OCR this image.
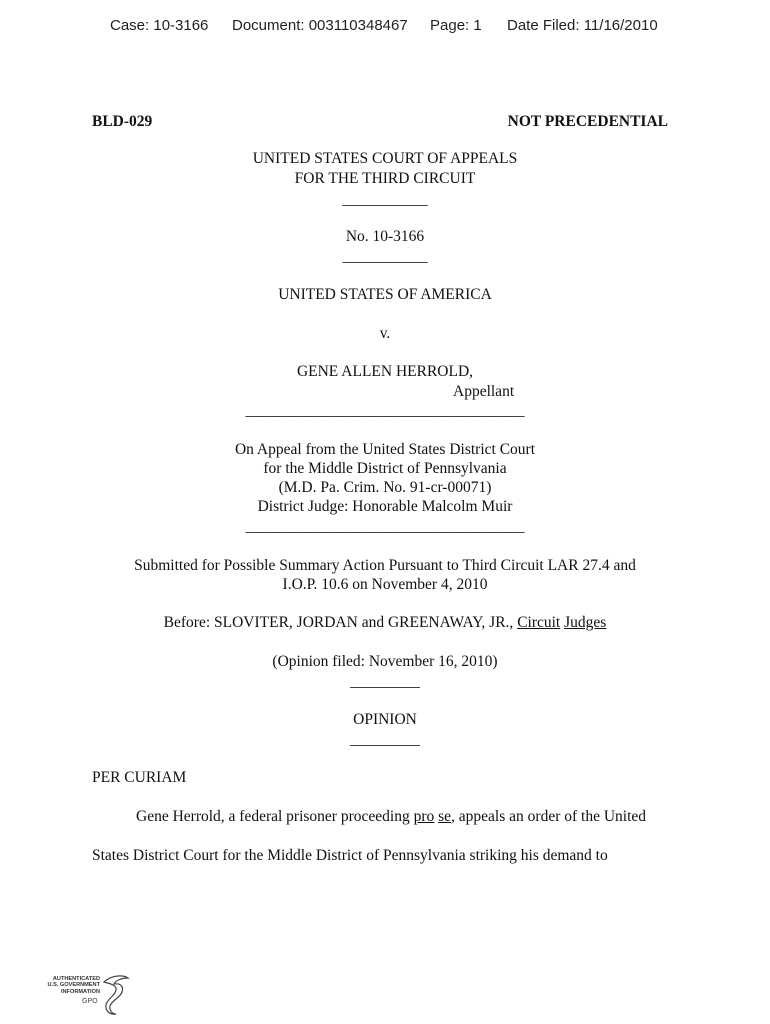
Case: 10-3166 Document: 003110348467 Page: 1 Date Filed: 11/16/2010
BLD-029	NOT PRECEDENTIAL
UNITED STATES COURT OF APPEALS
FOR THE THIRD CIRCUIT
___________
No. 10-3166
___________
UNITED STATES OF AMERICA
v.
GENE ALLEN HERROLD,
Appellant
____________________________________
On Appeal from the United States District Court
for the Middle District of Pennsylvania
(M.D. Pa. Crim. No. 91-cr-00071)
District Judge: Honorable Malcolm Muir
____________________________________
Submitted for Possible Summary Action Pursuant to Third Circuit LAR 27.4 and
I.O.P. 10.6 on November 4, 2010
Before: SLOVITER, JORDAN and GREENAWAY, JR., Circuit Judges
(Opinion filed: November 16, 2010)
_________
OPINION
_________
PER CURIAM
Gene Herrold, a federal prisoner proceeding pro se, appeals an order of the United
States District Court for the Middle District of Pennsylvania striking his demand to
AUTHENTICATED
U.S. GOVERNMENT
INFORMATION
GPO
